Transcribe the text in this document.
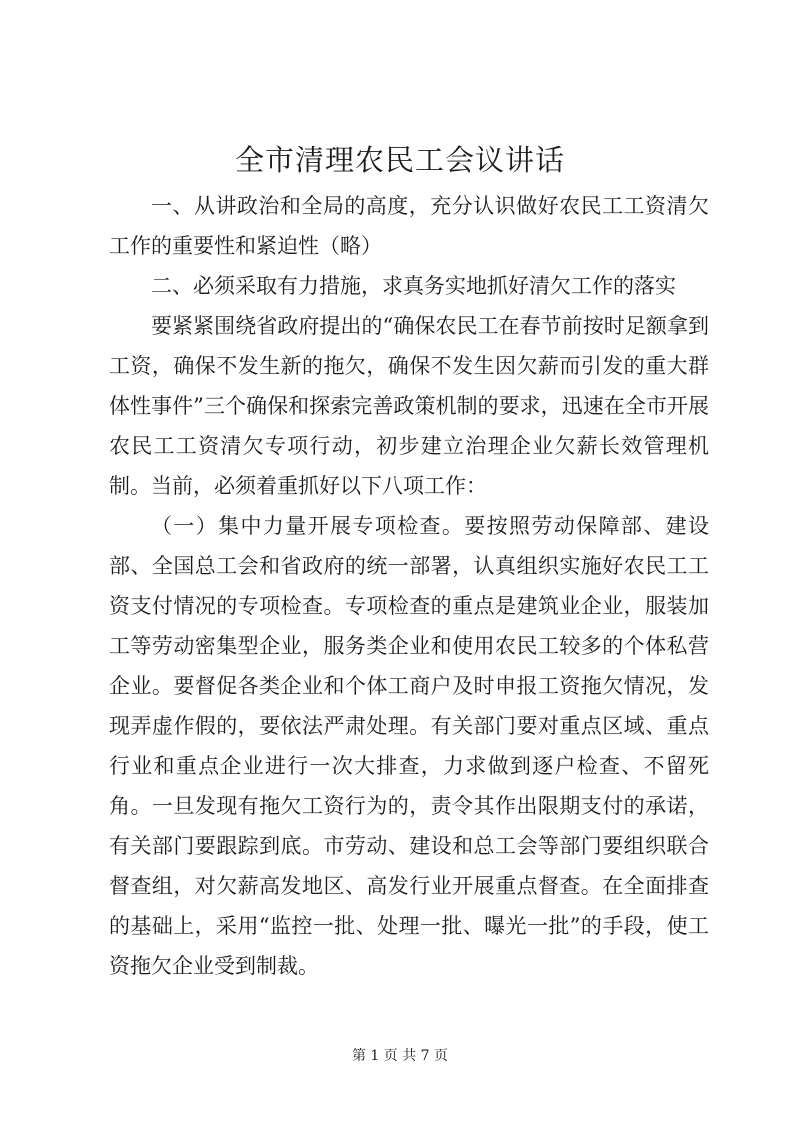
全市清理农民工会议讲话

一、从讲政治和全局的高度，充分认识做好农民工工资清欠工作的重要性和紧迫性（略）

二、必须采取有力措施，求真务实地抓好清欠工作的落实

要紧紧围绕省政府提出的“确保农民工在春节前按时足额拿到工资，确保不发生新的拖欠，确保不发生因欠薪而引发的重大群体性事件”三个确保和探索完善政策机制的要求，迅速在全市开展农民工工资清欠专项行动，初步建立治理企业欠薪长效管理机制。当前，必须着重抓好以下八项工作：

（一）集中力量开展专项检查。要按照劳动保障部、建设部、全国总工会和省政府的统一部署，认真组织实施好农民工工资支付情况的专项检查。专项检查的重点是建筑业企业，服装加工等劳动密集型企业，服务类企业和使用农民工较多的个体私营企业。要督促各类企业和个体工商户及时申报工资拖欠情况，发现弄虚作假的，要依法严肃处理。有关部门要对重点区域、重点行业和重点企业进行一次大排查，力求做到逐户检查、不留死角。一旦发现有拖欠工资行为的，责令其作出限期支付的承诺，有关部门要跟踪到底。市劳动、建设和总工会等部门要组织联合督查组，对欠薪高发地区、高发行业开展重点督查。在全面排查的基础上，采用“监控一批、处理一批、曝光一批”的手段，使工资拖欠企业受到制裁。

第 1 页 共 7 页
